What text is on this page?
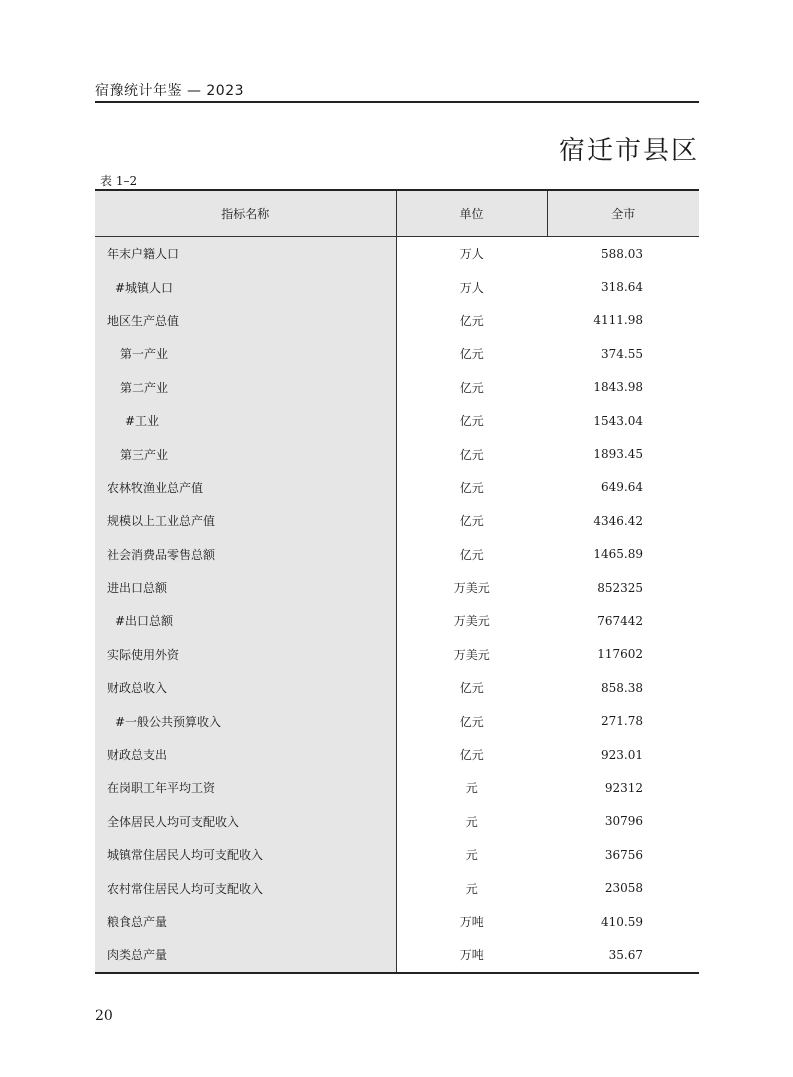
宿豫统计年鉴 — 2023
宿迁市县区
表 1–2
指标名称	单位	全市
年末户籍人口	万人	588.03
#城镇人口	万人	318.64
地区生产总值	亿元	4111.98
第一产业	亿元	374.55
第二产业	亿元	1843.98
#工业	亿元	1543.04
第三产业	亿元	1893.45
农林牧渔业总产值	亿元	649.64
规模以上工业总产值	亿元	4346.42
社会消费品零售总额	亿元	1465.89
进出口总额	万美元	852325
#出口总额	万美元	767442
实际使用外资	万美元	117602
财政总收入	亿元	858.38
#一般公共预算收入	亿元	271.78
财政总支出	亿元	923.01
在岗职工年平均工资	元	92312
全体居民人均可支配收入	元	30796
城镇常住居民人均可支配收入	元	36756
农村常住居民人均可支配收入	元	23058
粮食总产量	万吨	410.59
肉类总产量	万吨	35.67
20
